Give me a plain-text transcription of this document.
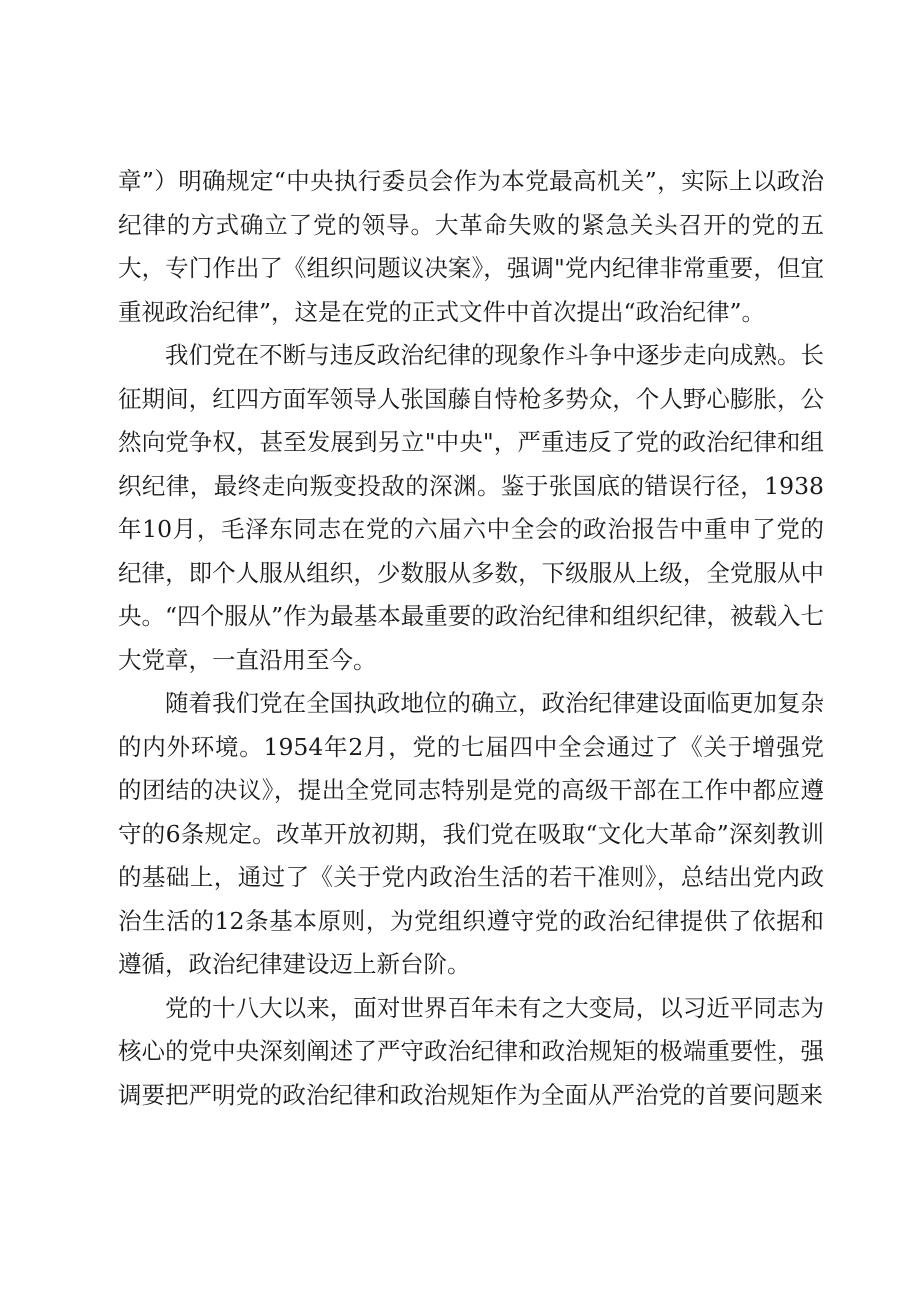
章”）明确规定“中央执行委员会作为本党最高机关”，实际上以政治纪律的方式确立了党的领导。大革命失败的紧急关头召开的党的五大，专门作出了《组织问题议决案》，强调"党内纪律非常重要，但宜重视政治纪律”，这是在党的正式文件中首次提出“政治纪律”。

我们党在不断与违反政治纪律的现象作斗争中逐步走向成熟。长征期间，红四方面军领导人张国藤自恃枪多势众，个人野心膨胀，公然向党争权，甚至发展到另立"中央"，严重违反了党的政治纪律和组织纪律，最终走向叛变投敌的深渊。鉴于张国底的错误行径，1938年10月，毛泽东同志在党的六届六中全会的政治报告中重申了党的纪律，即个人服从组织，少数服从多数，下级服从上级，全党服从中央。“四个服从”作为最基本最重要的政治纪律和组织纪律，被载入七大党章，一直沿用至今。

随着我们党在全国执政地位的确立，政治纪律建设面临更加复杂的内外环境。1954年2月，党的七届四中全会通过了《关于增强党的团结的决议》，提出全党同志特别是党的高级干部在工作中都应遵守的6条规定。改革开放初期，我们党在吸取“文化大革命”深刻教训的基础上，通过了《关于党内政治生活的若干准则》，总结出党内政治生活的12条基本原则，为党组织遵守党的政治纪律提供了依据和遵循，政治纪律建设迈上新台阶。

党的十八大以来，面对世界百年未有之大变局，以习近平同志为核心的党中央深刻阐述了严守政治纪律和政治规矩的极端重要性，强调要把严明党的政治纪律和政治规矩作为全面从严治党的首要问题来
